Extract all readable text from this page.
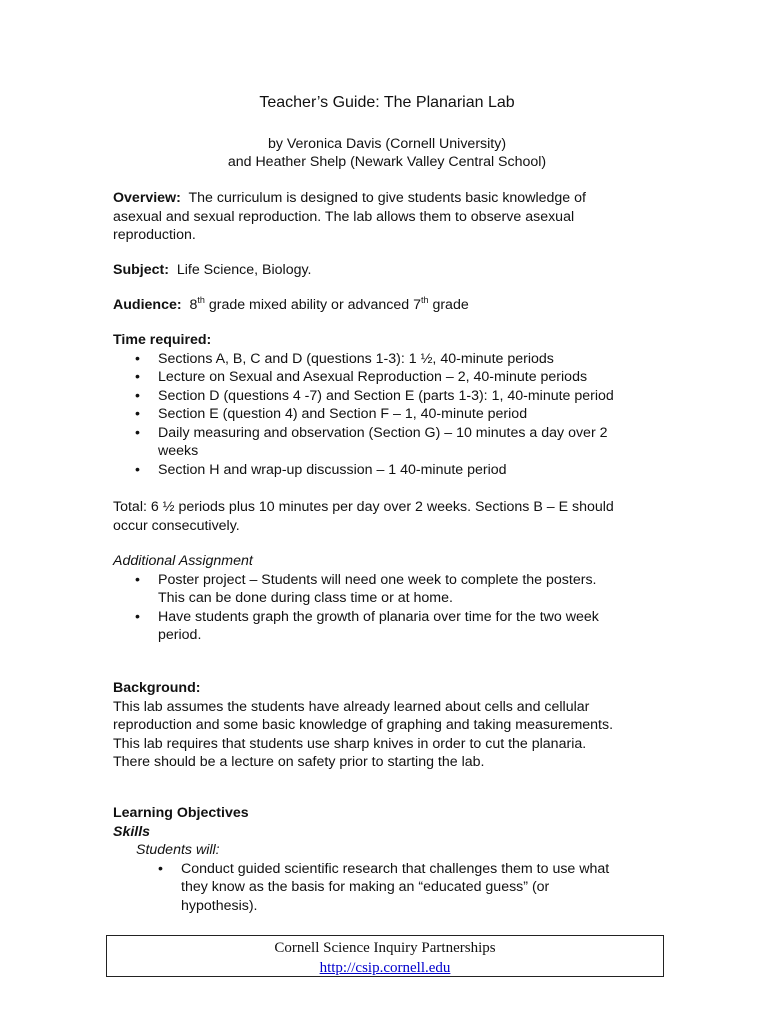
Teacher’s Guide: The Planarian Lab
by Veronica Davis (Cornell University)
and Heather Shelp (Newark Valley Central School)
Overview: The curriculum is designed to give students basic knowledge of
asexual and sexual reproduction. The lab allows them to observe asexual
reproduction.
Subject: Life Science, Biology.
Audience: 8th grade mixed ability or advanced 7th grade
Time required:
• Sections A, B, C and D (questions 1-3): 1 ½, 40-minute periods
• Lecture on Sexual and Asexual Reproduction – 2, 40-minute periods
• Section D (questions 4 -7) and Section E (parts 1-3): 1, 40-minute period
• Section E (question 4) and Section F – 1, 40-minute period
• Daily measuring and observation (Section G) – 10 minutes a day over 2
weeks
• Section H and wrap-up discussion – 1 40-minute period
Total: 6 ½ periods plus 10 minutes per day over 2 weeks. Sections B – E should
occur consecutively.
Additional Assignment
• Poster project – Students will need one week to complete the posters.
This can be done during class time or at home.
• Have students graph the growth of planaria over time for the two week
period.
Background:
This lab assumes the students have already learned about cells and cellular
reproduction and some basic knowledge of graphing and taking measurements.
This lab requires that students use sharp knives in order to cut the planaria.
There should be a lecture on safety prior to starting the lab.
Learning Objectives
Skills
Students will:
• Conduct guided scientific research that challenges them to use what
they know as the basis for making an “educated guess” (or
hypothesis).
Cornell Science Inquiry Partnerships
http://csip.cornell.edu
